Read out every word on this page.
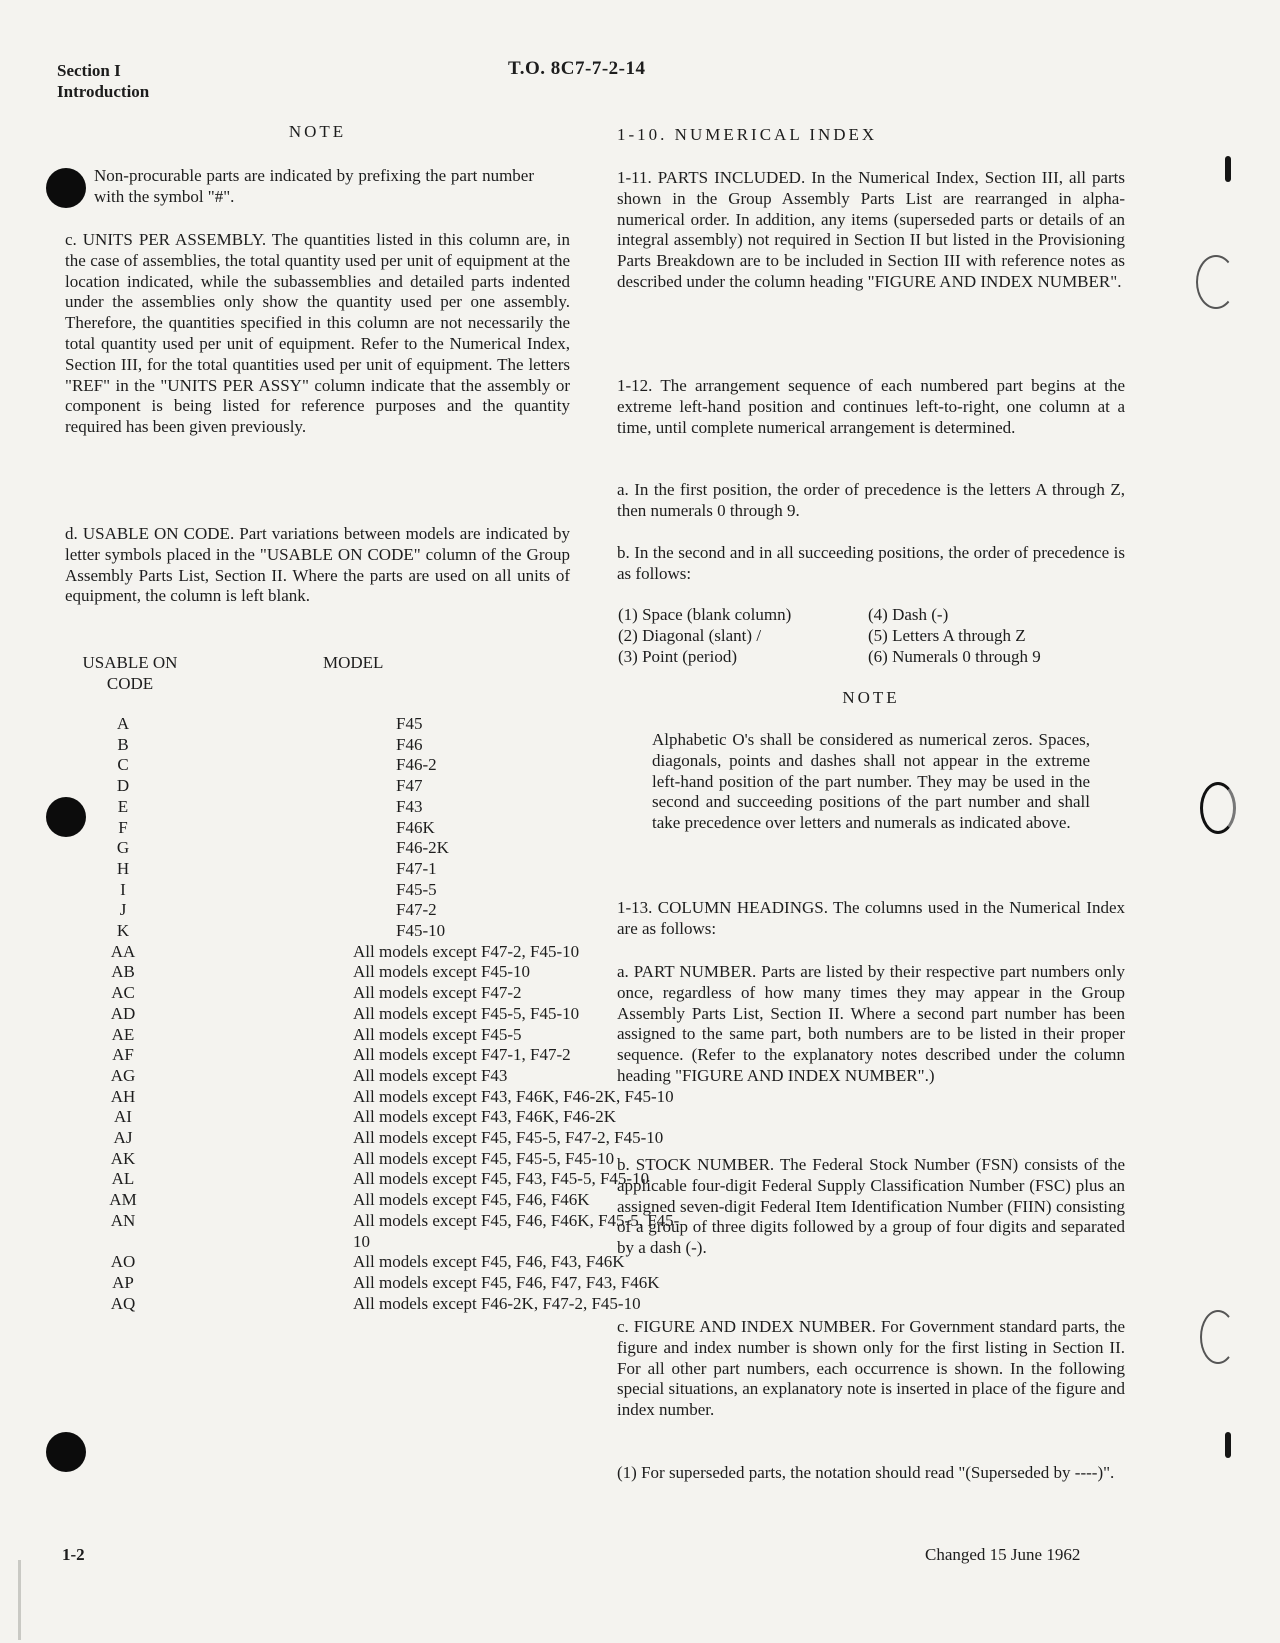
Section I
Introduction
T.O. 8C7-7-2-14

NOTE

Non-procurable parts are indicated by prefixing the part number with the symbol "#".

c. UNITS PER ASSEMBLY. The quantities listed in this column are, in the case of assemblies, the total quantity used per unit of equipment at the location indicated, while the subassemblies and detailed parts indented under the assemblies only show the quantity used per one assembly. Therefore, the quantities specified in this column are not necessarily the total quantity used per unit of equipment. Refer to the Numerical Index, Section III, for the total quantities used per unit of equipment. The letters "REF" in the "UNITS PER ASSY" column indicate that the assembly or component is being listed for reference purposes and the quantity required has been given previously.

d. USABLE ON CODE. Part variations between models are indicated by letter symbols placed in the "USABLE ON CODE" column of the Group Assembly Parts List, Section II. Where the parts are used on all units of equipment, the column is left blank.

USABLE ON
CODE
MODEL
A	F45
B	F46
C	F46-2
D	F47
E	F43
F	F46K
G	F46-2K
H	F47-1
I	F45-5
J	F47-2
K	F45-10
AA	All models except F47-2, F45-10
AB	All models except F45-10
AC	All models except F47-2
AD	All models except F45-5, F45-10
AE	All models except F45-5
AF	All models except F47-1, F47-2
AG	All models except F43
AH	All models except F43, F46K, F46-2K, F45-10
AI	All models except F43, F46K, F46-2K
AJ	All models except F45, F45-5, F47-2, F45-10
AK	All models except F45, F45-5, F45-10
AL	All models except F45, F43, F45-5, F45-10
AM	All models except F45, F46, F46K
AN	All models except F45, F46, F46K, F45-5, F45-10
AO	All models except F45, F46, F43, F46K
AP	All models except F45, F46, F47, F43, F46K
AQ	All models except F46-2K, F47-2, F45-10

1-10. NUMERICAL INDEX

1-11. PARTS INCLUDED. In the Numerical Index, Section III, all parts shown in the Group Assembly Parts List are rearranged in alpha-numerical order. In addition, any items (superseded parts or details of an integral assembly) not required in Section II but listed in the Provisioning Parts Breakdown are to be included in Section III with reference notes as described under the column heading "FIGURE AND INDEX NUMBER".

1-12. The arrangement sequence of each numbered part begins at the extreme left-hand position and continues left-to-right, one column at a time, until complete numerical arrangement is determined.

a. In the first position, the order of precedence is the letters A through Z, then numerals 0 through 9.

b. In the second and in all succeeding positions, the order of precedence is as follows:

(1) Space (blank column)	(4) Dash (-)
(2) Diagonal (slant) /	(5) Letters A through Z
(3) Point (period)	(6) Numerals 0 through 9

NOTE

Alphabetic O's shall be considered as numerical zeros. Spaces, diagonals, points and dashes shall not appear in the extreme left-hand position of the part number. They may be used in the second and succeeding positions of the part number and shall take precedence over letters and numerals as indicated above.

1-13. COLUMN HEADINGS. The columns used in the Numerical Index are as follows:

a. PART NUMBER. Parts are listed by their respective part numbers only once, regardless of how many times they may appear in the Group Assembly Parts List, Section II. Where a second part number has been assigned to the same part, both numbers are to be listed in their proper sequence. (Refer to the explanatory notes described under the column heading "FIGURE AND INDEX NUMBER".)

b. STOCK NUMBER. The Federal Stock Number (FSN) consists of the applicable four-digit Federal Supply Classification Number (FSC) plus an assigned seven-digit Federal Item Identification Number (FIIN) consisting of a group of three digits followed by a group of four digits and separated by a dash (-).

c. FIGURE AND INDEX NUMBER. For Government standard parts, the figure and index number is shown only for the first listing in Section II. For all other part numbers, each occurrence is shown. In the following special situations, an explanatory note is inserted in place of the figure and index number.

(1) For superseded parts, the notation should read "(Superseded by ----)".

1-2	Changed 15 June 1962
